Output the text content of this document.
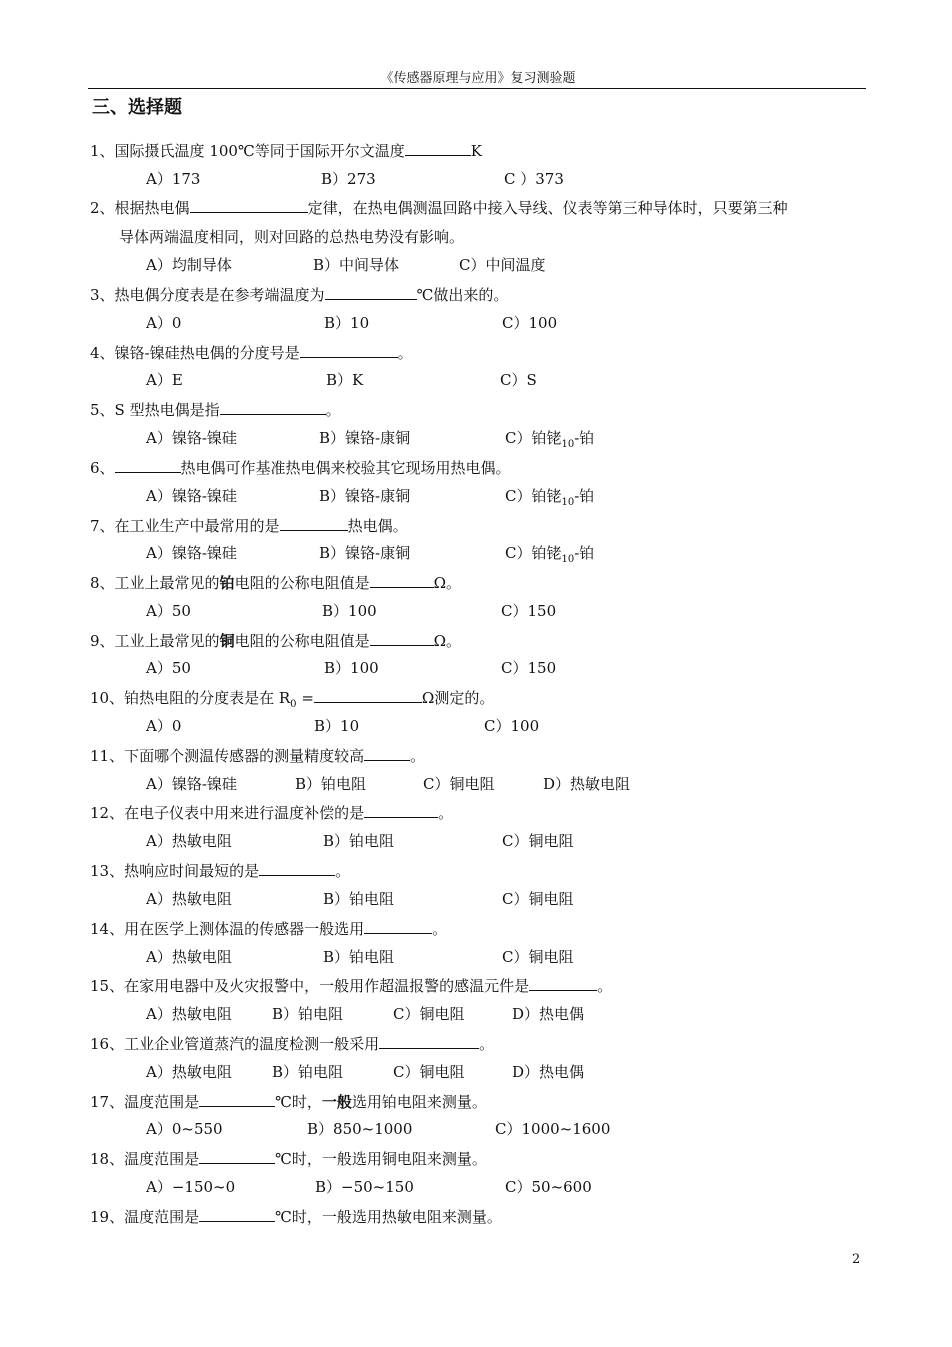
《传感器原理与应用》复习测验题
三、选择题
1、国际摄氏温度 100℃等同于国际开尔文温度	K
A）173	B）273	C ）373
2、根据热电偶	定律，在热电偶测温回路中接入导线、仪表等第三种导体时，只要第三种
导体两端温度相同，则对回路的总热电势没有影响。
A）均制导体	B）中间导体	C）中间温度
3、热电偶分度表是在参考端温度为	℃做出来的。
A）0	B）10	C）100
4、镍铬-镍硅热电偶的分度号是	。
A）E	B）K	C）S
5、S 型热电偶是指	。
A）镍铬-镍硅	B）镍铬-康铜	C）铂铑$_{10}$-铂
6、	热电偶可作基准热电偶来校验其它现场用热电偶。
A）镍铬-镍硅	B）镍铬-康铜	C）铂铑$_{10}$-铂
7、在工业生产中最常用的是	热电偶。
A）镍铬-镍硅	B）镍铬-康铜	C）铂铑$_{10}$-铂
8、工业上最常见的铂电阻的公称电阻值是	Ω。
A）50	B）100	C）150
9、工业上最常见的铜电阻的公称电阻值是	Ω。
A）50	B）100	C）150
10、铂热电阻的分度表是在 $R_0$ =	Ω测定的。
A）0	B）10	C）100
11、下面哪个测温传感器的测量精度较高	。
A）镍铬-镍硅	B）铂电阻	C）铜电阻	D）热敏电阻
12、在电子仪表中用来进行温度补偿的是	。
A）热敏电阻	B）铂电阻	C）铜电阻
13、热响应时间最短的是	。
A）热敏电阻	B）铂电阻	C）铜电阻
14、用在医学上测体温的传感器一般选用	。
A）热敏电阻	B）铂电阻	C）铜电阻
15、在家用电器中及火灾报警中，一般用作超温报警的感温元件是	。
A）热敏电阻	B）铂电阻	C）铜电阻	D）热电偶
16、工业企业管道蒸汽的温度检测一般采用	。
A）热敏电阻	B）铂电阻	C）铜电阻	D）热电偶
17、温度范围是	℃时，一般选用铂电阻来测量。
A）0~550	B）850~1000	C）1000~1600
18、温度范围是	℃时，一般选用铜电阻来测量。
A）−150~0	B）−50~150	C）50~600
19、温度范围是	℃时，一般选用热敏电阻来测量。
2
